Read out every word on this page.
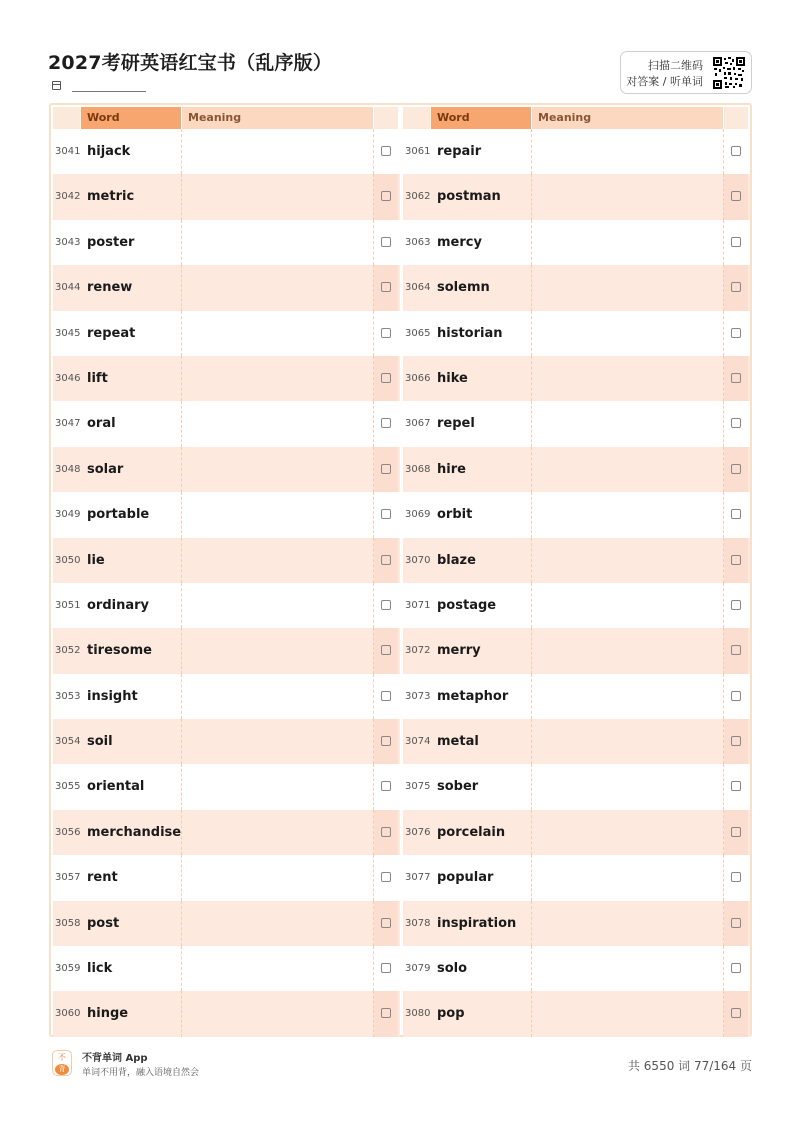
2027考研英语红宝书（乱序版）	扫描二维码
对答案 / 听单词
Word	Meaning
3041 hijack
3042 metric
3043 poster
3044 renew
3045 repeat
3046 lift
3047 oral
3048 solar
3049 portable
3050 lie
3051 ordinary
3052 tiresome
3053 insight
3054 soil
3055 oriental
3056 merchandise
3057 rent
3058 post
3059 lick
3060 hinge
Word	Meaning
3061 repair
3062 postman
3063 mercy
3064 solemn
3065 historian
3066 hike
3067 repel
3068 hire
3069 orbit
3070 blaze
3071 postage
3072 merry
3073 metaphor
3074 metal
3075 sober
3076 porcelain
3077 popular
3078 inspiration
3079 solo
3080 pop
不
背
不背单词 App
单词不用背，融入语境自然会	共 6550 词 77/164 页
